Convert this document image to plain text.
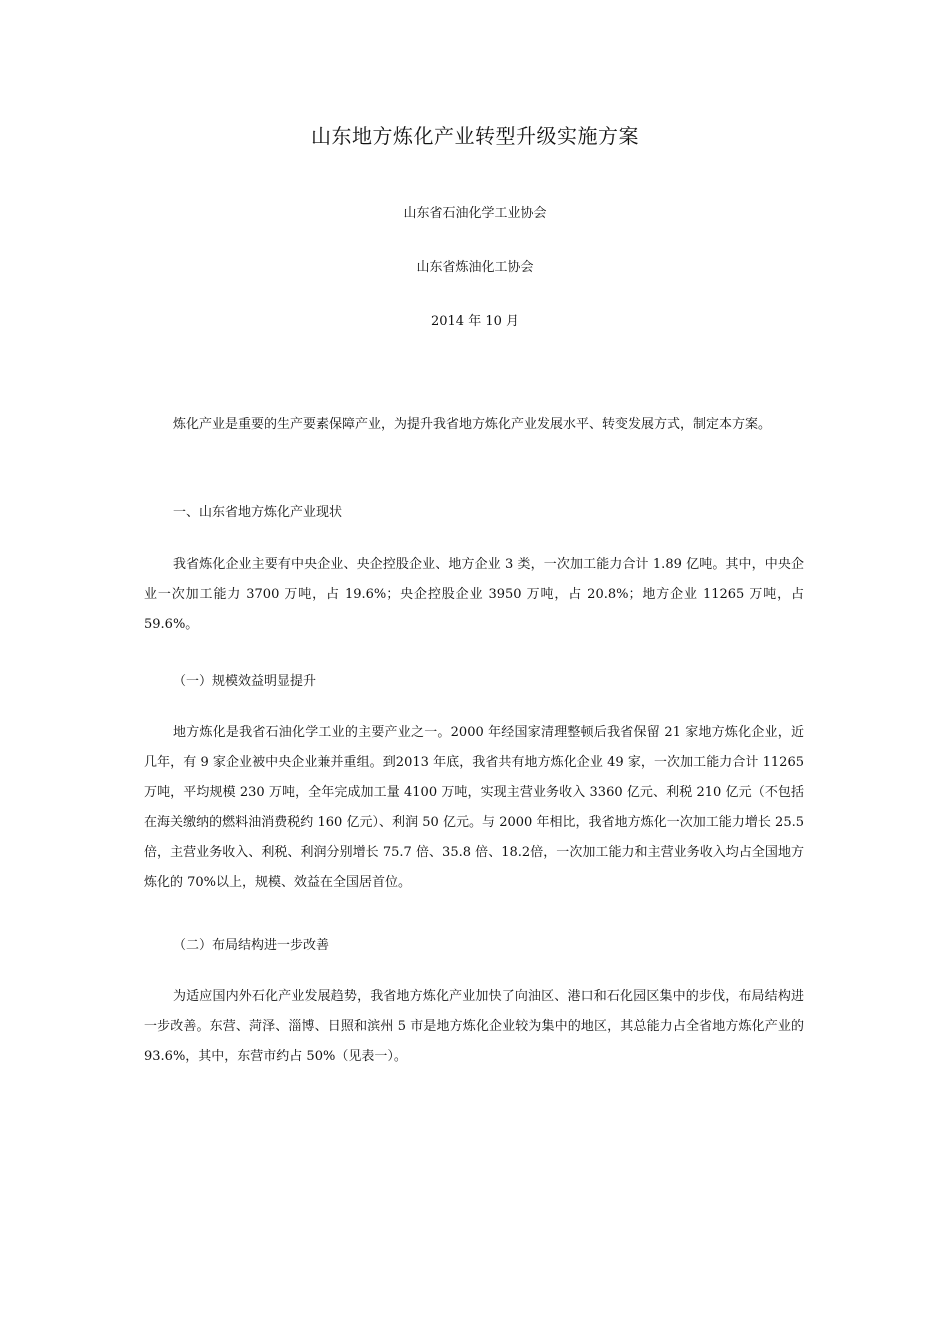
山东地方炼化产业转型升级实施方案

山东省石油化学工业协会

山东省炼油化工协会

2014 年 10 月

炼化产业是重要的生产要素保障产业，为提升我省地方炼化产业发展水平、转变发展方式，制定本方案。

一、山东省地方炼化产业现状

我省炼化企业主要有中央企业、央企控股企业、地方企业 3 类，一次加工能力合计 1.89 亿吨。其中，中央企业一次加工能力 3700 万吨，占 19.6%；央企控股企业 3950 万吨，占 20.8%；地方企业 11265 万吨，占 59.6%。

（一）规模效益明显提升

地方炼化是我省石油化学工业的主要产业之一。2000 年经国家清理整顿后我省保留 21 家地方炼化企业，近几年，有 9 家企业被中央企业兼并重组。到2013 年底，我省共有地方炼化企业 49 家，一次加工能力合计 11265 万吨，平均规模 230 万吨，全年完成加工量 4100 万吨，实现主营业务收入 3360 亿元、利税 210 亿元（不包括在海关缴纳的燃料油消费税约 160 亿元）、利润 50 亿元。与 2000 年相比，我省地方炼化一次加工能力增长 25.5 倍，主营业务收入、利税、利润分别增长 75.7 倍、35.8 倍、18.2倍，一次加工能力和主营业务收入均占全国地方炼化的 70%以上，规模、效益在全国居首位。

（二）布局结构进一步改善

为适应国内外石化产业发展趋势，我省地方炼化产业加快了向油区、港口和石化园区集中的步伐，布局结构进一步改善。东营、菏泽、淄博、日照和滨州 5 市是地方炼化企业较为集中的地区，其总能力占全省地方炼化产业的 93.6%，其中，东营市约占 50%（见表一）。
